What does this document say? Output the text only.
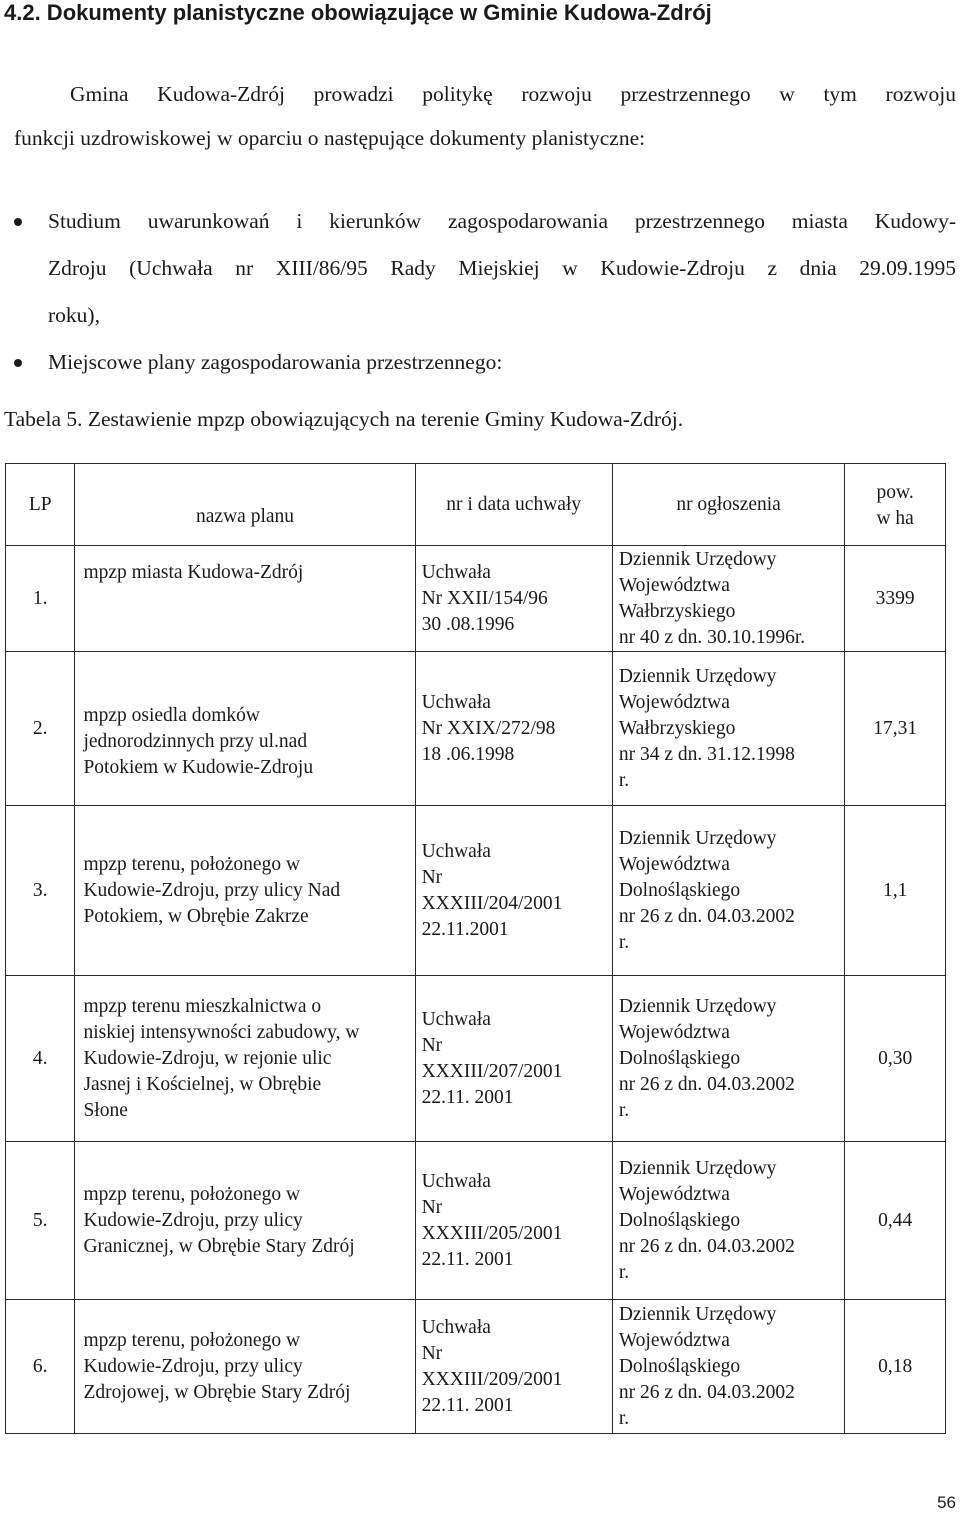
4.2. Dokumenty planistyczne obowiązujące w Gminie Kudowa-Zdrój
Gmina Kudowa-Zdrój prowadzi politykę rozwoju przestrzennego w tym rozwoju
funkcji uzdrowiskowej w oparciu o następujące dokumenty planistyczne:
Studium uwarunkowań i kierunków zagospodarowania przestrzennego miasta Kudowy-
Zdroju (Uchwała nr XIII/86/95 Rady Miejskiej w Kudowie-Zdroju z dnia 29.09.1995
roku),
Miejscowe plany zagospodarowania przestrzennego:
Tabela 5. Zestawienie mpzp obowiązujących na terenie Gminy Kudowa-Zdrój.
LP	nazwa planu	nr i data uchwały	nr ogłoszenia	pow.
w ha

1.	mpzp miasta Kudowa-Zdrój	Uchwała
Nr XXII/154/96
30 .08.1996	Dziennik Urzędowy
Województwa
Wałbrzyskiego
nr 40 z dn. 30.10.1996r.	3399

2.	mpzp osiedla domków
jednorodzinnych przy ul.nad
Potokiem w Kudowie-Zdroju	Uchwała
Nr XXIX/272/98
18 .06.1998	Dziennik Urzędowy
Województwa
Wałbrzyskiego
nr 34 z dn. 31.12.1998
r.	17,31

3.	mpzp terenu, położonego w
Kudowie-Zdroju, przy ulicy Nad
Potokiem, w Obrębie Zakrze	Uchwała
Nr
XXXIII/204/2001
22.11.2001	Dziennik Urzędowy
Województwa
Dolnośląskiego
nr 26 z dn. 04.03.2002
r.	1,1

4.	mpzp terenu mieszkalnictwa o
niskiej intensywności zabudowy, w
Kudowie-Zdroju, w rejonie ulic
Jasnej i Kościelnej, w Obrębie
Słone	Uchwała
Nr
XXXIII/207/2001
22.11. 2001	Dziennik Urzędowy
Województwa
Dolnośląskiego
nr 26 z dn. 04.03.2002
r.	0,30

5.	mpzp terenu, położonego w
Kudowie-Zdroju, przy ulicy
Granicznej, w Obrębie Stary Zdrój	Uchwała
Nr
XXXIII/205/2001
22.11. 2001	Dziennik Urzędowy
Województwa
Dolnośląskiego
nr 26 z dn. 04.03.2002
r.	0,44

6.	mpzp terenu, położonego w
Kudowie-Zdroju, przy ulicy
Zdrojowej, w Obrębie Stary Zdrój	Uchwała
Nr
XXXIII/209/2001
22.11. 2001	Dziennik Urzędowy
Województwa
Dolnośląskiego
nr 26 z dn. 04.03.2002
r.	0,18
56
